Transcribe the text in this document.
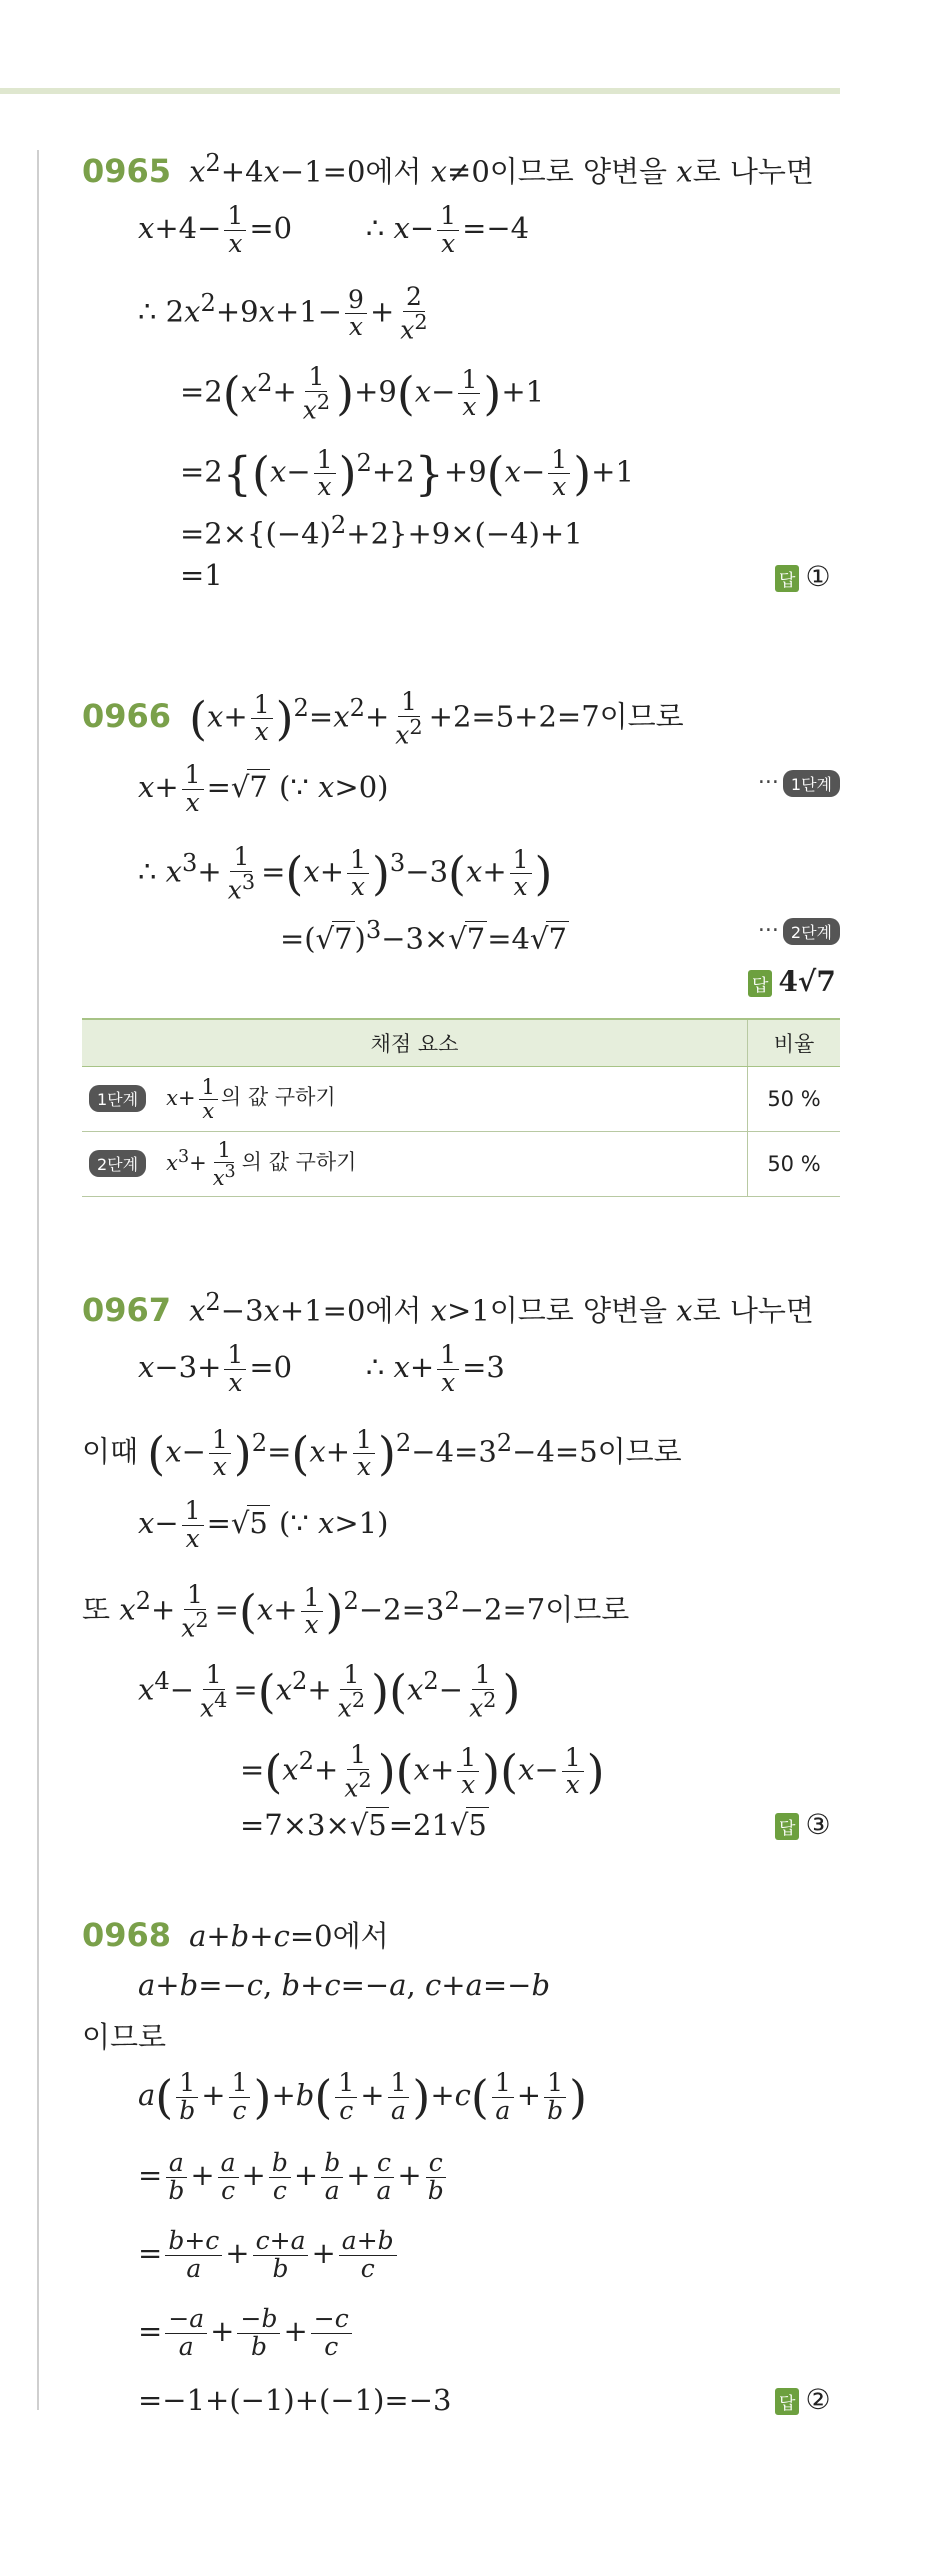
0965 $x^2+4x-1=0$에서 x≠0이므로 양변을 x로 나누면
$x+4- \frac{1}{x} =0$        ∴ $x- \frac{1}{x} =-4$
∴ $2x^2+9x+1- \frac{9}{x} + \frac{2}{x^2}$
$=2(x^2+ \frac{1}{x^2} )+9(x- \frac{1}{x} )+1$
$=2\{(x- \frac{1}{x} )^2+2\}+9(x- \frac{1}{x} )+1$
$=2\times\{(-4)^2+2\}+9\times(-4)+1$
=1	답 ①
0966 $(x+ \frac{1}{x} )^2=x^2+ \frac{1}{x^2} +2=5+2=7$이므로
$x+ \frac{1}{x} =√7$ (∵ x>0)	··· 1단계
∴ $x^3+ \frac{1}{x^3} =(x+ \frac{1}{x} )^3-3(x+ \frac{1}{x}$ )
$=(√7)^3-3\times√7=4√7$	··· 2단계
답 4√7
채점 요소	비율
1단계 $x+ \frac{1}{x}$ 의 값 구하기	50 %
2단계 $x^3+ \frac{1}{x^3}$ 의 값 구하기	50 %
0967 $x^2-3x+1=0$에서 x>1이므로 양변을 x로 나누면
$x-3+ \frac{1}{x} =0$        ∴ $x+ \frac{1}{x} =3$
이때 $(x- \frac{1}{x} )^2=(x+ \frac{1}{x} )^2-4=3^2-4=5$이므로
$x- \frac{1}{x} =√5$ (∵ x>1)
또 $x^2+ \frac{1}{x^2} =(x+ \frac{1}{x} )^2-2=3^2-2=7$이므로
$x^4- \frac{1}{x^4} =(x^2+ \frac{1}{x^2} )(x^2- \frac{1}{x^2}$ )
$=(x^2+ \frac{1}{x^2} )(x+ \frac{1}{x} )(x- \frac{1}{x}$ )
=7×3×√5=21√5	답 ③
0968 a+b+c=0에서
a+b=−c, b+c=−a, c+a=−b
이므로
$a( \frac{1}{b} + \frac{1}{c} )+b( \frac{1}{c} + \frac{1}{a} )+c( \frac{1}{a} + \frac{1}{b}$ )
= $\frac{a}{b} + \frac{a}{c} + \frac{b}{c} + \frac{b}{a} + \frac{c}{a} + \frac{c}{b}$
= $\frac{b+c}{a} + \frac{c+a}{b} + \frac{a+b}{c}$
= $\frac{-a}{a} + \frac{-b}{b} + \frac{-c}{c}$
=−1+(−1)+(−1)=−3	답 ②
